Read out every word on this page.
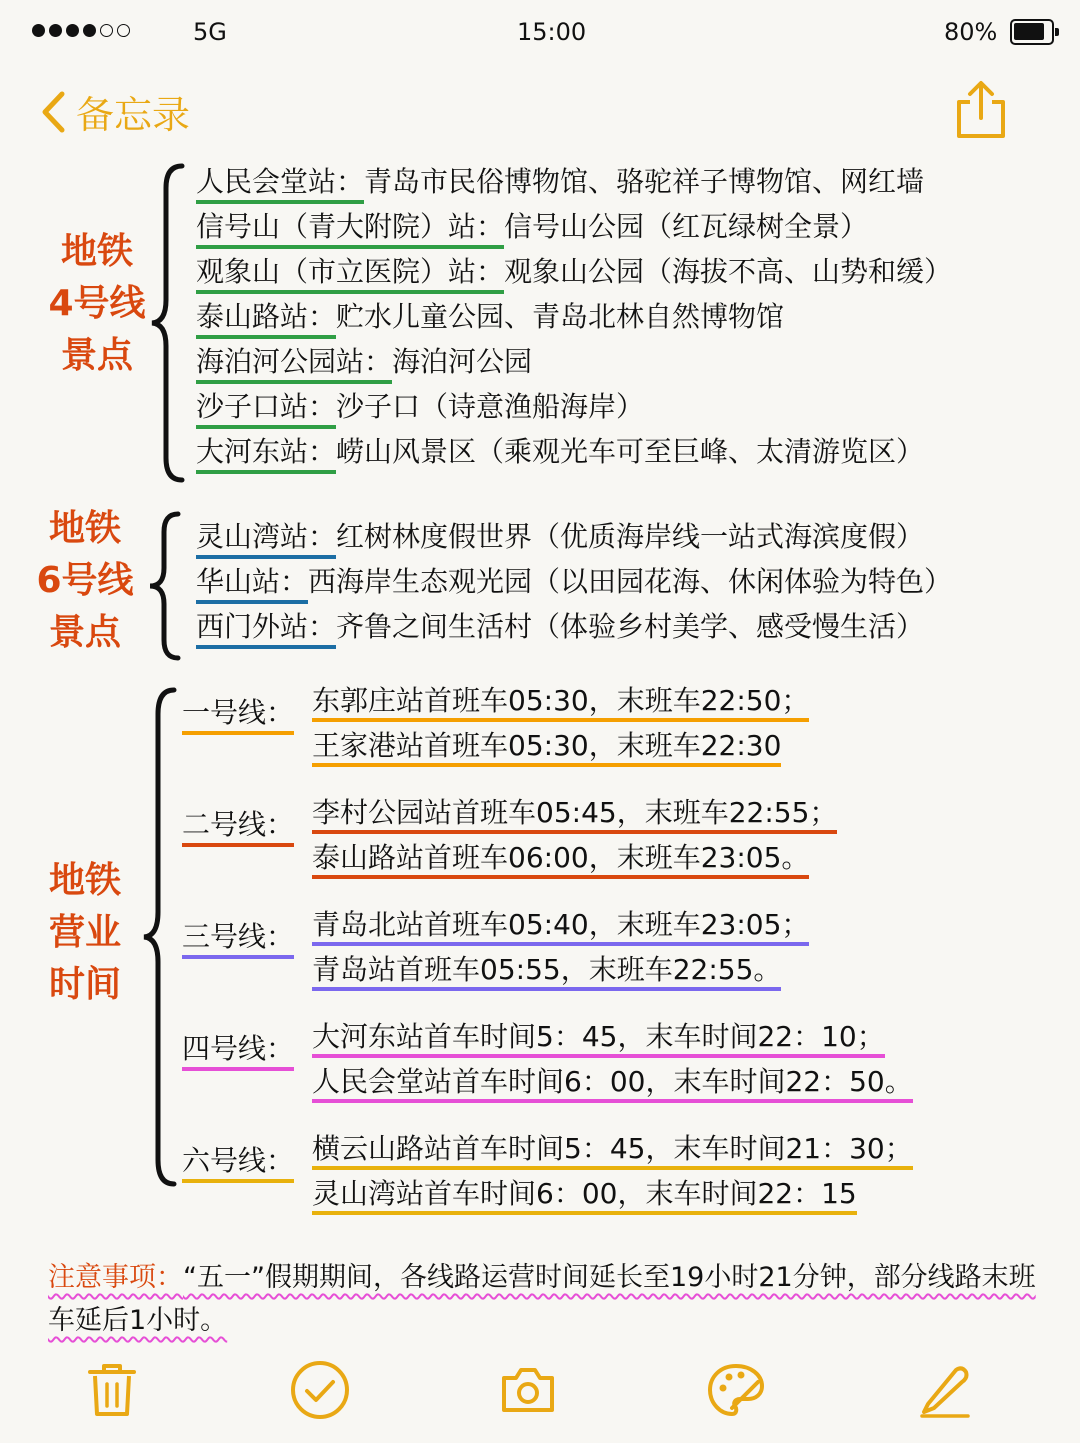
5G	15:00	80%
备忘录
地铁
4号线
景点
人民会堂站：青岛市民俗博物馆、骆驼祥子博物馆、网红墙
信号山（青大附院）站：信号山公园（红瓦绿树全景）
观象山（市立医院）站：观象山公园（海拔不高、山势和缓）
泰山路站：贮水儿童公园、青岛北林自然博物馆
海泊河公园站：海泊河公园
沙子口站：沙子口（诗意渔船海岸）
大河东站：崂山风景区（乘观光车可至巨峰、太清游览区）
地铁
6号线
景点
灵山湾站：红树林度假世界（优质海岸线一站式海滨度假）
华山站：西海岸生态观光园（以田园花海、休闲体验为特色）
西门外站：齐鲁之间生活村（体验乡村美学、感受慢生活）
地铁
营业
时间
一号线： 东郭庄站首班车05:30，末班车22:50；
王家港站首班车05:30，末班车22:30
二号线： 李村公园站首班车05:45，末班车22:55；
泰山路站首班车06:00，末班车23:05。
三号线： 青岛北站首班车05:40，末班车23:05；
青岛站首班车05:55，末班车22:55。
四号线： 大河东站首车时间5：45，末车时间22：10；
人民会堂站首车时间6：00，末车时间22：50。
六号线： 横云山路站首车时间5：45，末车时间21：30；
灵山湾站首车时间6：00，末车时间22：15
注意事项：“五一”假期期间，各线路运营时间延长至19小时21分钟，部分线路末班车延后1小时。
